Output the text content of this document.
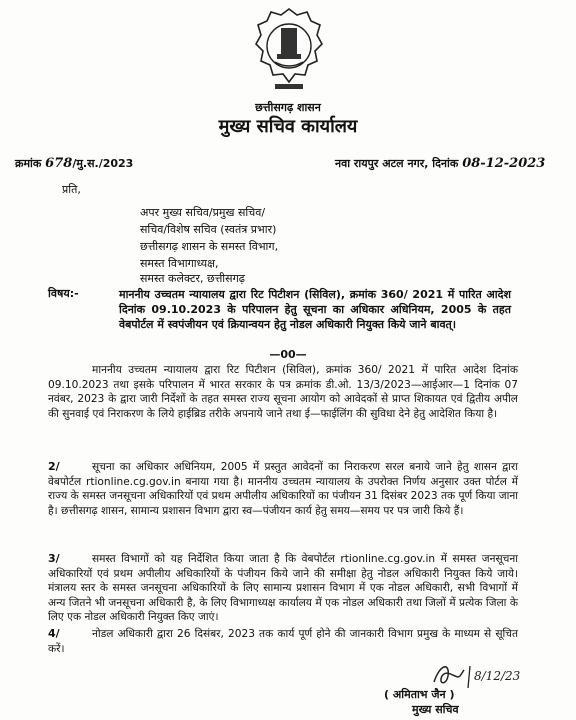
छत्तीसगढ़ शासन
मुख्य सचिव कार्यालय
क्रमांक 678/मु.स./2023	नवा रायपुर अटल नगर, दिनांक 08-12-2023
प्रति,
अपर मुख्य सचिव/प्रमुख सचिव/
सचिव/विशेष सचिव (स्वतंत्र प्रभार)
छत्तीसगढ़ शासन के समस्त विभाग,
समस्त विभागाध्यक्ष,
समस्त कलेक्टर, छत्तीसगढ़
विषय:-	माननीय उच्चतम न्यायालय द्वारा रिट पिटीशन (सिविल), क्रमांक 360/ 2021 में पारित आदेश दिनांक 09.10.2023 के परिपालन हेतु सूचना का अधिकार अधिनियम, 2005 के तहत वेबपोर्टल में स्वपंजीयन एवं क्रियान्वयन हेतु नोडल अधिकारी नियुक्त किये जाने बावत्।
—00—
माननीय उच्चतम न्यायालय द्वारा रिट पिटीशन (सिविल), क्रमांक 360/ 2021 में पारित आदेश दिनांक 09.10.2023 तथा इसके परिपालन में भारत सरकार के पत्र क्रमांक डी.ओ. 13/3/2023—आईआर—1 दिनांक 07 नवंबर, 2023 के द्वारा जारी निर्देशों के तहत समस्त राज्य सूचना आयोग को आवेदकों से प्राप्त शिकायत एवं द्वितीय अपील की सुनवाई एवं निराकरण के लिये हाईब्रिड तरीके अपनाये जाने तथा ई—फाईलिंग की सुविधा देने हेतु आदेशित किया है।
2/	सूचना का अधिकार अधिनियम, 2005 में प्रस्तुत आवेदनों का निराकरण सरल बनाये जाने हेतु शासन द्वारा वेबपोर्टल rtionline.cg.gov.in बनाया गया है। माननीय उच्चतम न्यायालय के उपरोक्त निर्णय अनुसार उक्त पोर्टल में राज्य के समस्त जनसूचना अधिकारियों एवं प्रथम अपीलीय अधिकारियों का पंजीयन 31 दिसंबर 2023 तक पूर्ण किया जाना है। छत्तीसगढ़ शासन, सामान्य प्रशासन विभाग द्वारा स्व—पंजीयन कार्य हेतु समय—समय पर पत्र जारी किये हैं।
3/	समस्त विभागों को यह निर्देशित किया जाता है कि वेबपोर्टल rtionline.cg.gov.in में समस्त जनसूचना अधिकारियों एवं प्रथम अपीलीय अधिकारियों के पंजीयन किये जाने की समीक्षा हेतु नोडल अधिकारी नियुक्त किये जाये। मंत्रालय स्तर के समस्त जनसूचना अधिकारियों के लिए सामान्य प्रशासन विभाग में एक नोडल अधिकारी, सभी विभागों में अन्य जितने भी जनसूचना अधिकारी है, के लिए विभागाध्यक्ष कार्यालय में एक नोडल अधिकारी तथा जिलों में प्रत्येक जिला के लिए एक नोडल अधिकारी नियुक्त किए जाएं।
4/	नोडल अधिकारी द्वारा 26 दिसंबर, 2023 तक कार्य पूर्ण होने की जानकारी विभाग प्रमुख के माध्यम से सूचित करें।
8/12/23
( अमिताभ जैन )
मुख्य सचिव
